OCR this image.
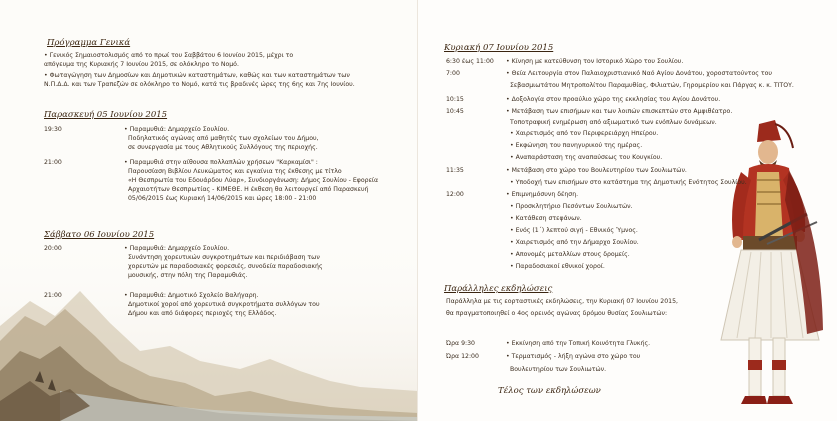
Πρόγραμμα Γενικά
• Γενικός Σημαιοστολισμός από το πρωί του Σαββάτου 6 Ιουνίου 2015, μέχρι το
απόγευμα της Κυριακής 7 Ιουνίου 2015, σε ολόκληρο το Νομό.
• Φωταγώγηση των Δημοσίων και Δημοτικών καταστημάτων, καθώς και των καταστημάτων των
Ν.Π.Δ.Δ. και των Τραπεζών σε ολόκληρο το Νομό, κατά τις βραδινές ώρες της 6ης και 7ης Ιουνίου.
Παρασκευή 05 Ιουνίου 2015
19:30	• Παραμυθιά: Δημαρχείο Σουλίου.
Ποδηλατικός αγώνας από μαθητές των σχολείων του Δήμου,
σε συνεργασία με τους Αθλητικούς Συλλόγους της περιοχής.
21:00	• Παραμυθιά στην αίθουσα πολλαπλών χρήσεων "Καρκαμίσι" :
Παρουσίαση Βιβλίου Λευκώματος και εγκαίνια της έκθεσης με τίτλο
«Η Θεσπρωτία του Εδουάρδου Λύαρ», Συνδιοργάνωση: Δήμος Σουλίου - Εφορεία
Αρχαιοτήτων Θεσπρωτίας - ΚΙΜΕΘΕ. Η έκθεση θα λειτουργεί από Παρασκευή
05/06/2015 έως Κυριακή 14/06/2015 και ώρες 18:00 - 21:00
Σάββατο 06 Ιουνίου 2015
20:00	• Παραμυθιά: Δημαρχείο Σουλίου.
Συνάντηση χορευτικών συγκροτημάτων και περιδιάβαση των
χορευτών με παραδοσιακές φορεσιές, συνοδεία παραδοσιακής
μουσικής, στην πόλη της Παραμυθιάς.
21:00	• Παραμυθιά: Δημοτικό Σχολείο Βαλήγαρη.
Δημοτικοί χοροί από χορευτικά συγκροτήματα συλλόγων του
Δήμου και από διάφορες περιοχές της Ελλάδος.
Κυριακή 07 Ιουνίου 2015
6:30 έως 11:00 • Κίνηση με κατεύθυνση τον Ιστορικό Χώρο του Σουλίου.
7:00	• Θεία Λειτουργία στον Παλαιοχριστιανικό Ναό Αγίου Δονάτου, χοροστατούντος του
Σεβασμιωτάτου Μητροπολίτου Παραμυθίας, Φιλιατών, Γηρομερίου και Πάργας κ. κ. ΤΙΤΟΥ.
10:15	• Δοξολογία στον προαύλιο χώρο της εκκλησίας του Αγίου Δονάτου.
10:45	• Μετάβαση των επισήμων και των λοιπών επισκεπτών στο Αμφιθέατρο.
Τοποτραφική ενημέρωση από αξιωματικό των ενόπλων δυνάμεων.
• Χαιρετισμός από τον Περιφερειάρχη Ηπείρου.
• Εκφώνηση του πανηγυρικού της ημέρας.
• Αναπαράσταση της αναπαύσεως του Κουγκίου.
11:35	• Μετάβαση στο χώρο του Βουλευτηρίου των Σουλιωτών.
• Υποδοχή των επισήμων στο κατάστημα της Δημοτικής Ενότητος Σουλίου.
12:00	• Επιμνημόσυνη δέηση.
• Προσκλητήριο Πεσόντων Σουλιωτών.
• Κατάθεση στεφάνων.
• Ενός (1΄) λεπτού σιγή - Εθνικός Ύμνος.
• Χαιρετισμός από την Δήμαρχο Σουλίου.
• Απονομές μεταλλίων στους δρομείς.
• Παραδοσιακοί εθνικοί χοροί.
Παράλληλες εκδηλώσεις
Παράλληλα με τις εορταστικές εκδηλώσεις, την Κυριακή 07 Ιουνίου 2015,
θα πραγματοποιηθεί ο 4ος ορεινός αγώνας δρόμου θυσίας Σουλιωτών:
Ώρα 9:30	• Εκκίνηση από την Τοπική Κοινότητα Γλυκής.
Ώρα 12:00	• Τερματισμός - λήξη αγώνα στο χώρο του
Βουλευτηρίου των Σουλιωτών.
Τέλος των εκδηλώσεων
